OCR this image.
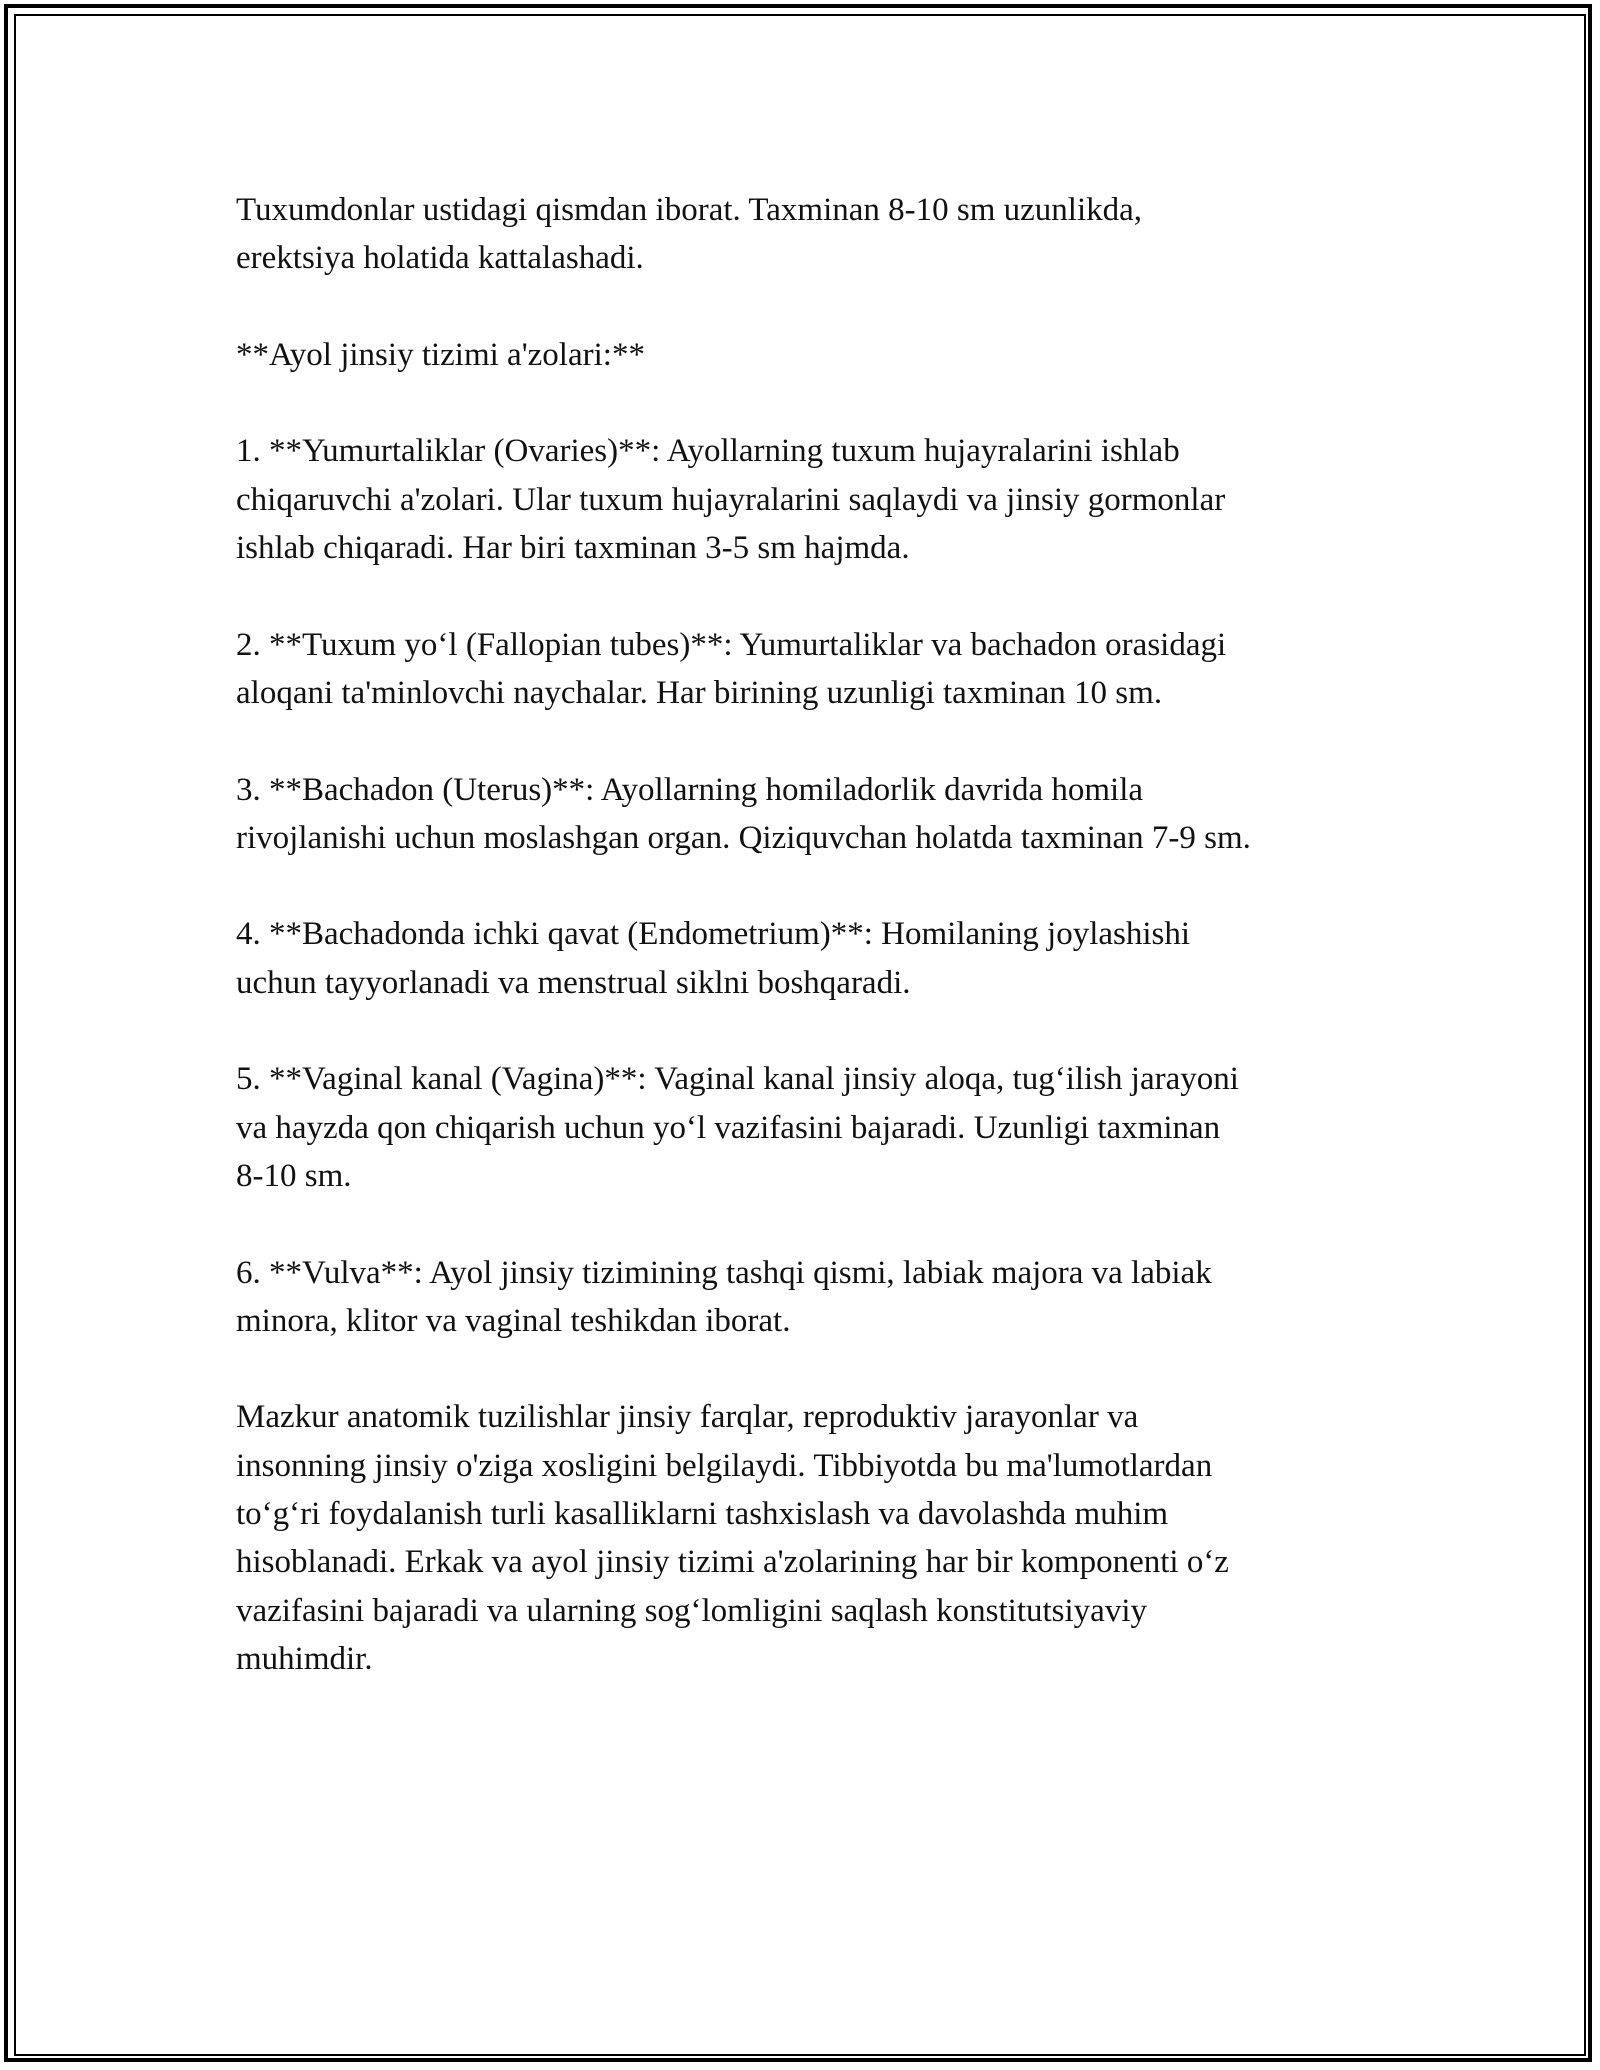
Tuxumdonlar ustidagi qismdan iborat. Taxminan 8-10 sm uzunlikda,
erektsiya holatida kattalashadi.

**Ayol jinsiy tizimi a'zolari:**

1. **Yumurtaliklar (Ovaries)**: Ayollarning tuxum hujayralarini ishlab
chiqaruvchi a'zolari. Ular tuxum hujayralarini saqlaydi va jinsiy gormonlar
ishlab chiqaradi. Har biri taxminan 3-5 sm hajmda.

2. **Tuxum yo‘l (Fallopian tubes)**: Yumurtaliklar va bachadon orasidagi
aloqani ta'minlovchi naychalar. Har birining uzunligi taxminan 10 sm.

3. **Bachadon (Uterus)**: Ayollarning homiladorlik davrida homila
rivojlanishi uchun moslashgan organ. Qiziquvchan holatda taxminan 7-9 sm.

4. **Bachadonda ichki qavat (Endometrium)**: Homilaning joylashishi
uchun tayyorlanadi va menstrual siklni boshqaradi.

5. **Vaginal kanal (Vagina)**: Vaginal kanal jinsiy aloqa, tug‘ilish jarayoni
va hayzda qon chiqarish uchun yo‘l vazifasini bajaradi. Uzunligi taxminan
8-10 sm.

6. **Vulva**: Ayol jinsiy tizimining tashqi qismi, labiak majora va labiak
minora, klitor va vaginal teshikdan iborat.

Mazkur anatomik tuzilishlar jinsiy farqlar, reproduktiv jarayonlar va
insonning jinsiy o'ziga xosligini belgilaydi. Tibbiyotda bu ma'lumotlardan
to‘g‘ri foydalanish turli kasalliklarni tashxislash va davolashda muhim
hisoblanadi. Erkak va ayol jinsiy tizimi a'zolarining har bir komponenti o‘z
vazifasini bajaradi va ularning sog‘lomligini saqlash konstitutsiyaviy
muhimdir.
